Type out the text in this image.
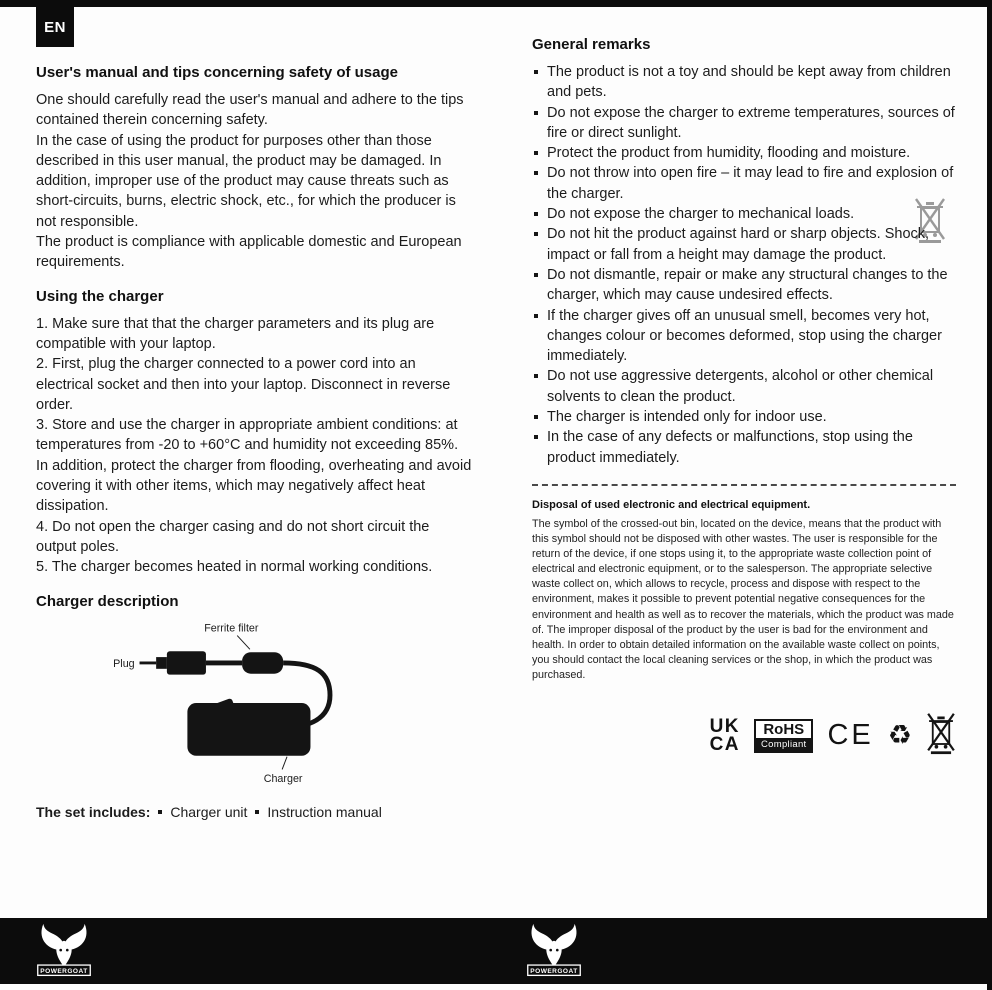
EN
User's manual and tips concerning safety of usage

One should carefully read the user's manual and adhere to the tips contained therein concerning safety.

In the case of using the product for purposes other than those described in this user manual, the product may be damaged. In addition, improper use of the product may cause threats such as short-circuits, burns, electric shock, etc., for which the producer is not responsible.

The product is compliance with applicable domestic and European requirements.

Using the charger
1. Make sure that that the charger parameters and its plug are compatible with your laptop.
2. First, plug the charger connected to a power cord into an electrical socket and then into your laptop. Disconnect in reverse order.
3. Store and use the charger in appropriate ambient conditions: at temperatures from -20 to +60°C and humidity not exceeding 85%. In addition, protect the charger from flooding, overheating and avoid covering it with other items, which may negatively affect heat dissipation.
4. Do not open the charger casing and do not short circuit the output poles.
5. The charger becomes heated in normal working conditions.
Charger description
Ferrite filter
Plug
Charger
The set includes: Charger unit Instruction manual
General remarks
The product is not a toy and should be kept away from children and pets.
Do not expose the charger to extreme temperatures, sources of fire or direct sunlight.
Protect the product from humidity, flooding and moisture.
Do not throw into open fire – it may lead to fire and explosion of the charger.
Do not expose the charger to mechanical loads.
Do not hit the product against hard or sharp objects. Shock, impact or fall from a height may damage the product.
Do not dismantle, repair or make any structural changes to the charger, which may cause undesired effects.
If the charger gives off an unusual smell, becomes very hot, changes colour or becomes deformed, stop using the charger immediately.
Do not use aggressive detergents, alcohol or other chemical solvents to clean the product.
The charger is intended only for indoor use.
In the case of any defects or malfunctions, stop using the product immediately.
Disposal of used electronic and electrical equipment.
The symbol of the crossed-out bin, located on the device, means that the product with this symbol should not be disposed with other wastes. The user is responsible for the return of the device, if one stops using it, to the appropriate waste collection point of electrical and electronic equipment, or to the salesperson. The appropriate selective waste collect on, which allows to recycle, process and dispose with respect to the environment, makes it possible to prevent potential negative consequences for the environment and health as well as to recover the materials, which the product was made of. The improper disposal of the product by the user is bad for the environment and health. In order to obtain detailed information on the available waste collect on points, you should contact the local cleaning services or the shop, in which the product was purchased.
UK
CA
RoHS
Compliant CE ♻
POWERGOAT	POWERGOAT
